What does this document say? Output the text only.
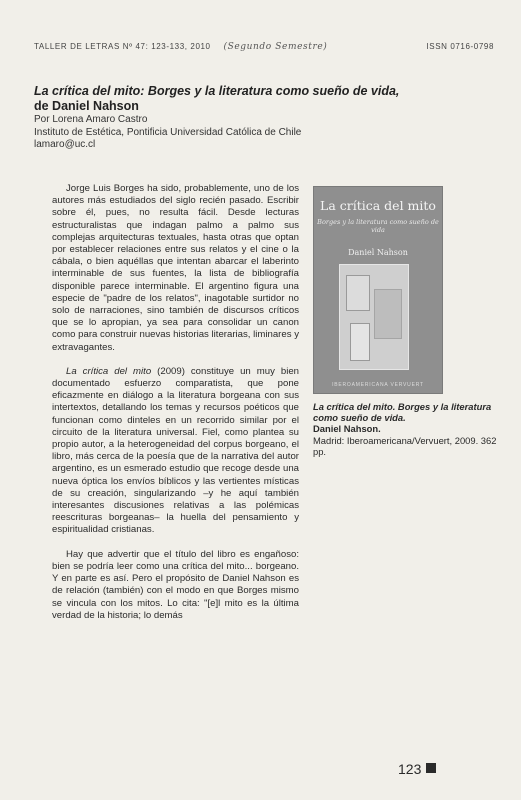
TALLER DE LETRAS Nº 47: 123-133, 2010 (Segundo Semestre)	ISSN 0716-0798
La crítica del mito: Borges y la literatura como sueño de vida,
de Daniel Nahson
Por Lorena Amaro Castro
Instituto de Estética, Pontificia Universidad Católica de Chile
lamaro@uc.cl

Jorge Luis Borges ha sido, probablemente, uno de los autores más estudiados del siglo recién pasado. Escribir sobre él, pues, no resulta fácil. Desde lecturas estructuralistas que indagan palmo a palmo sus complejas arquitecturas textuales, hasta otras que optan por establecer relaciones entre sus relatos y el cine o la cábala, o bien aquéllas que intentan abarcar el laberinto interminable de sus fuentes, la lista de bibliografía disponible parece interminable. El argentino figura una especie de "padre de los relatos", inagotable surtidor no solo de narraciones, sino también de discursos críticos que se lo apropian, ya sea para consolidar un canon como para construir nuevas historias literarias, liminares y extravagantes.

La crítica del mito (2009) constituye un muy bien documentado esfuerzo comparatista, que pone eficazmente en diálogo a la literatura borgeana con sus intertextos, detallando los temas y recursos poéticos que funcionan como dinteles en un recorrido similar por el circuito de la literatura universal. Fiel, como plantea su propio autor, a la heterogeneidad del corpus borgeano, el libro, más cerca de la poesía que de la narrativa del autor argentino, es un esmerado estudio que recoge desde una nueva óptica los envíos bíblicos y las vertientes místicas de su creación, singularizando –y he aquí también interesantes discusiones relativas a las polémicas reescrituras borgeanas– la huella del pensamiento y espiritualidad cristianas.

Hay que advertir que el título del libro es engañoso: bien se podría leer como una crítica del mito... borgeano. Y en parte es así. Pero el propósito de Daniel Nahson es de relación (también) con el modo en que Borges mismo se vincula con los mitos. Lo cita: "[e]l mito es la última verdad de la historia; lo demás

La crítica del mito
Borges y la literatura como sueño de vida
Daniel Nahson
IBEROAMERICANA VERVUERT
La crítica del mito. Borges y la literatura como sueño de vida.
Daniel Nahson.
Madrid: Iberoamericana/Vervuert, 2009. 362 pp.
123
